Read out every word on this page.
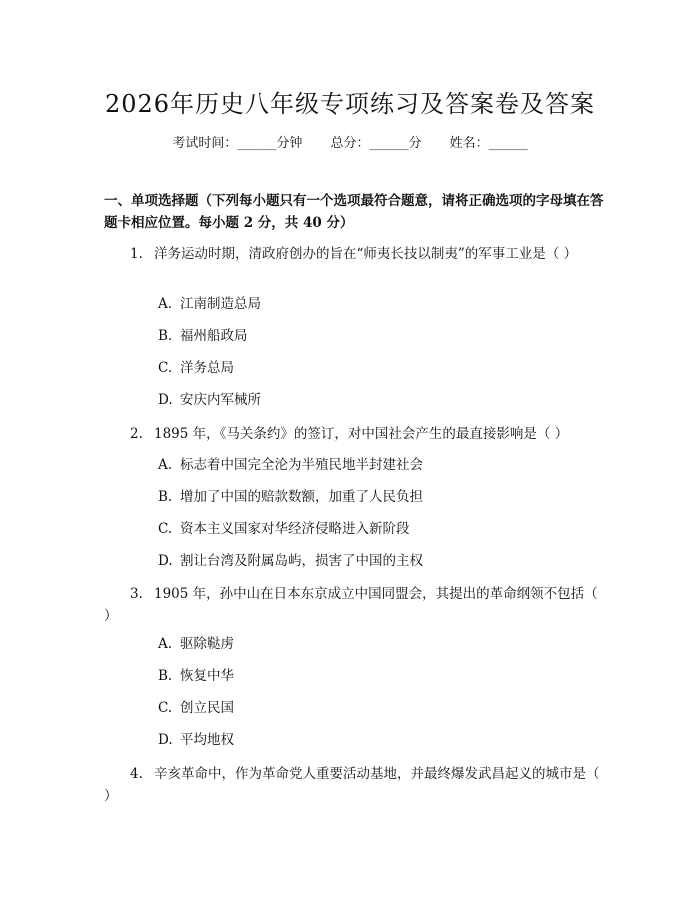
2026年历史八年级专项练习及答案卷及答案
考试时间：______分钟 总分：______分 姓名：______
一、单项选择题（下列每小题只有一个选项最符合题意，请将正确选项的字母填在答题卡相应位置。每小题 2 分，共 40 分）
1. 洋务运动时期，清政府创办的旨在“师夷长技以制夷”的军事工业是（ ）
A. 江南制造总局
B. 福州船政局
C. 洋务总局
D. 安庆内军械所
2. 1895 年，《马关条约》的签订，对中国社会产生的最直接影响是（ ）
A. 标志着中国完全沦为半殖民地半封建社会
B. 增加了中国的赔款数额，加重了人民负担
C. 资本主义国家对华经济侵略进入新阶段
D. 割让台湾及附属岛屿，损害了中国的主权
3. 1905 年，孙中山在日本东京成立中国同盟会，其提出的革命纲领不包括（ ）
A. 驱除鞑虏
B. 恢复中华
C. 创立民国
D. 平均地权
4. 辛亥革命中，作为革命党人重要活动基地，并最终爆发武昌起义的城市是（ ）
